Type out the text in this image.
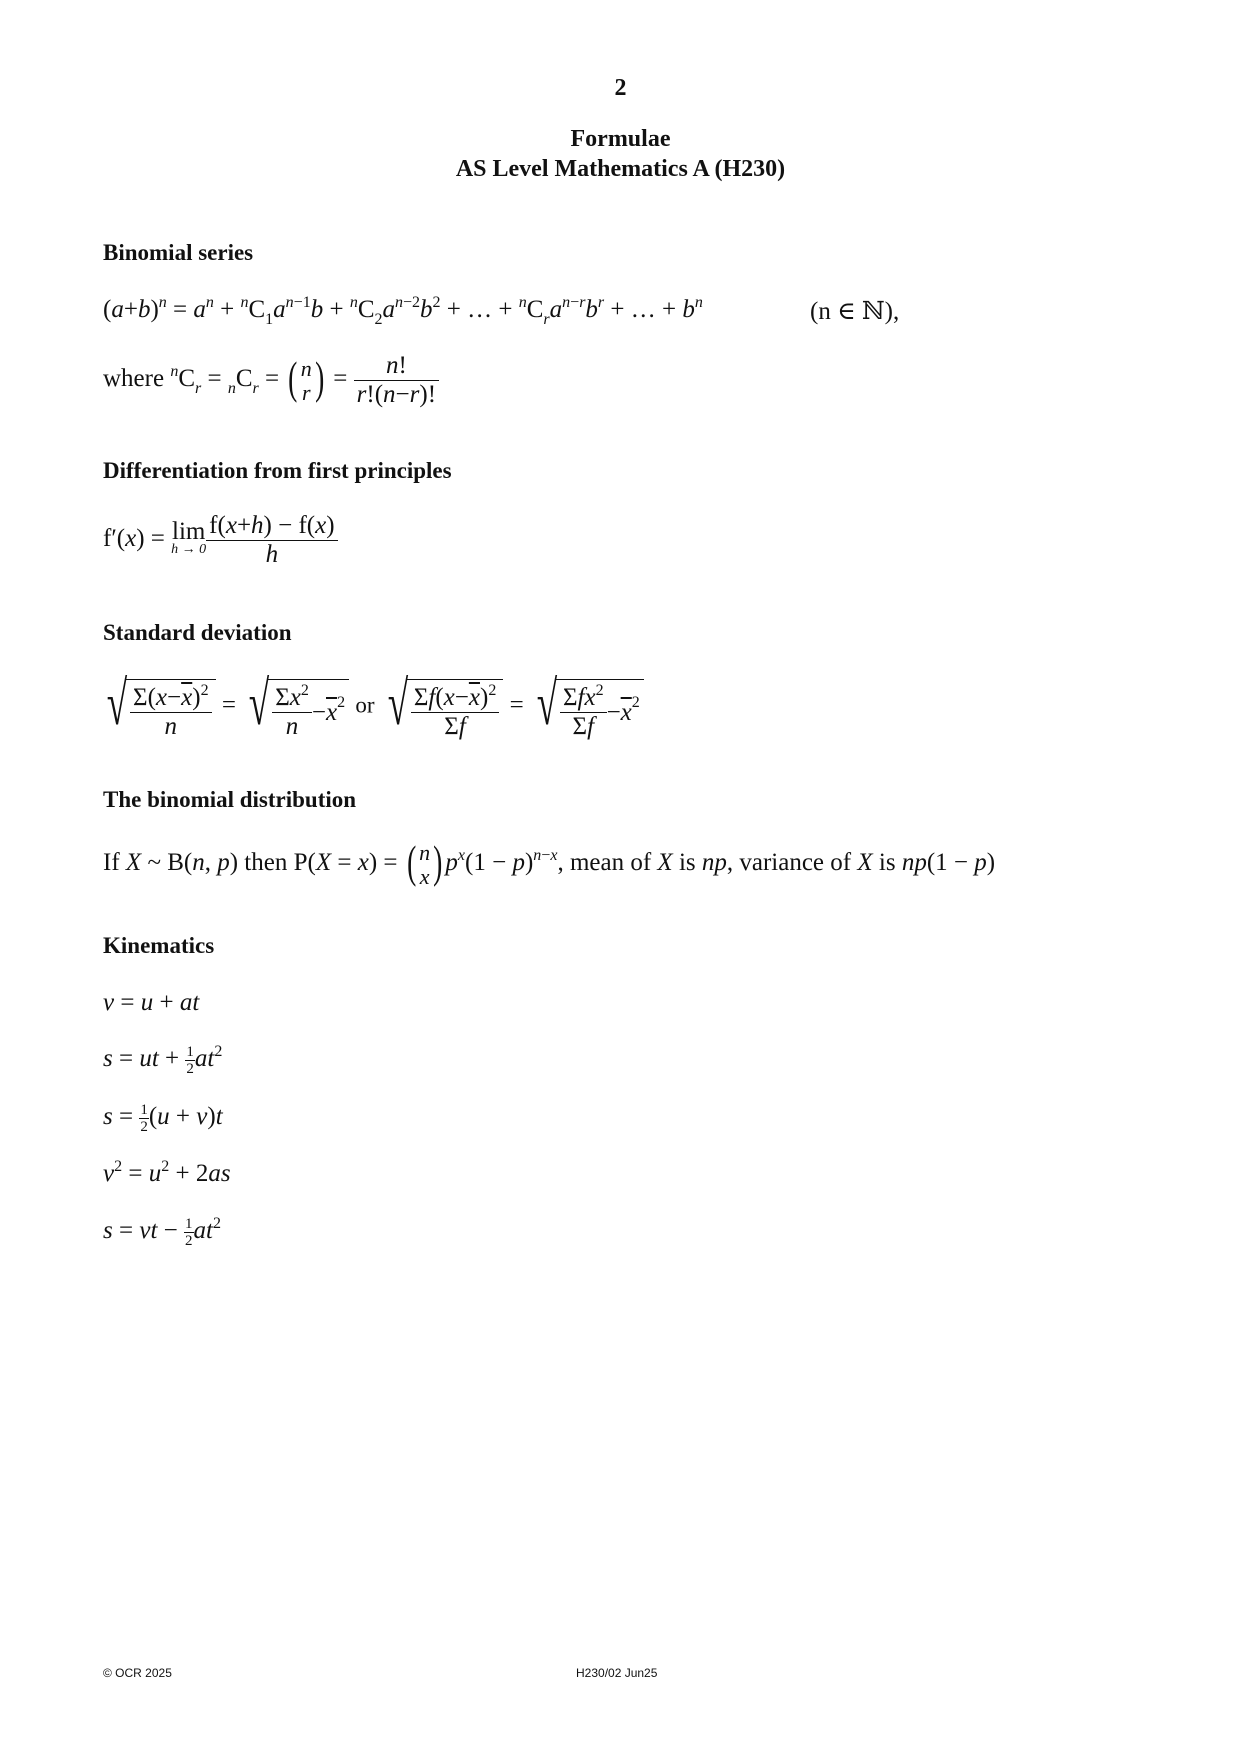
2
Formulae
AS Level Mathematics A (H230)
Binomial series
$(a+b)^n = a^n + ^nC_1a^{n-1}b + ^nC_2a^{n-2}b^2$ + … + $^nC_ra^{n-r}b^r$ + … + $b^n$	(n ∈ ℕ),
where $^nC_r = _nC_r$ = ( n
$r) = \frac{n!}{r!(n-r)!}$
Differentiation from first principles
f′(x) = lim
$h \to 0 \frac{f(x+h) - f(x)}{h}$
Standard deviation
√ $\frac{\Sigma(x-\overline{x})^2}{n}$ = √ $\frac{\Sigma x^2}{n} - \overline{x}$ 2 or √ $\frac{\Sigma f(x-\overline{x})^2}{\Sigma f}$ = √ $\frac{\Sigma fx^2}{\Sigma f} - \overline{x}$ 2
The binomial distribution
If X ~ B(n, p) then P(X = x) = ( n
x) $p^x(1 - p)^{n-x}$, mean of X is np, variance of X is np(1 − p)
Kinematics
v = u + at
s = ut + $\frac{1}{2} at^2$
$s = \frac{1}{2} (u + v)t$
$v^2 = u^2 + 2as$
s = vt − $\frac{1}{2} at^2$
© OCR 2025	H230/02 Jun25
